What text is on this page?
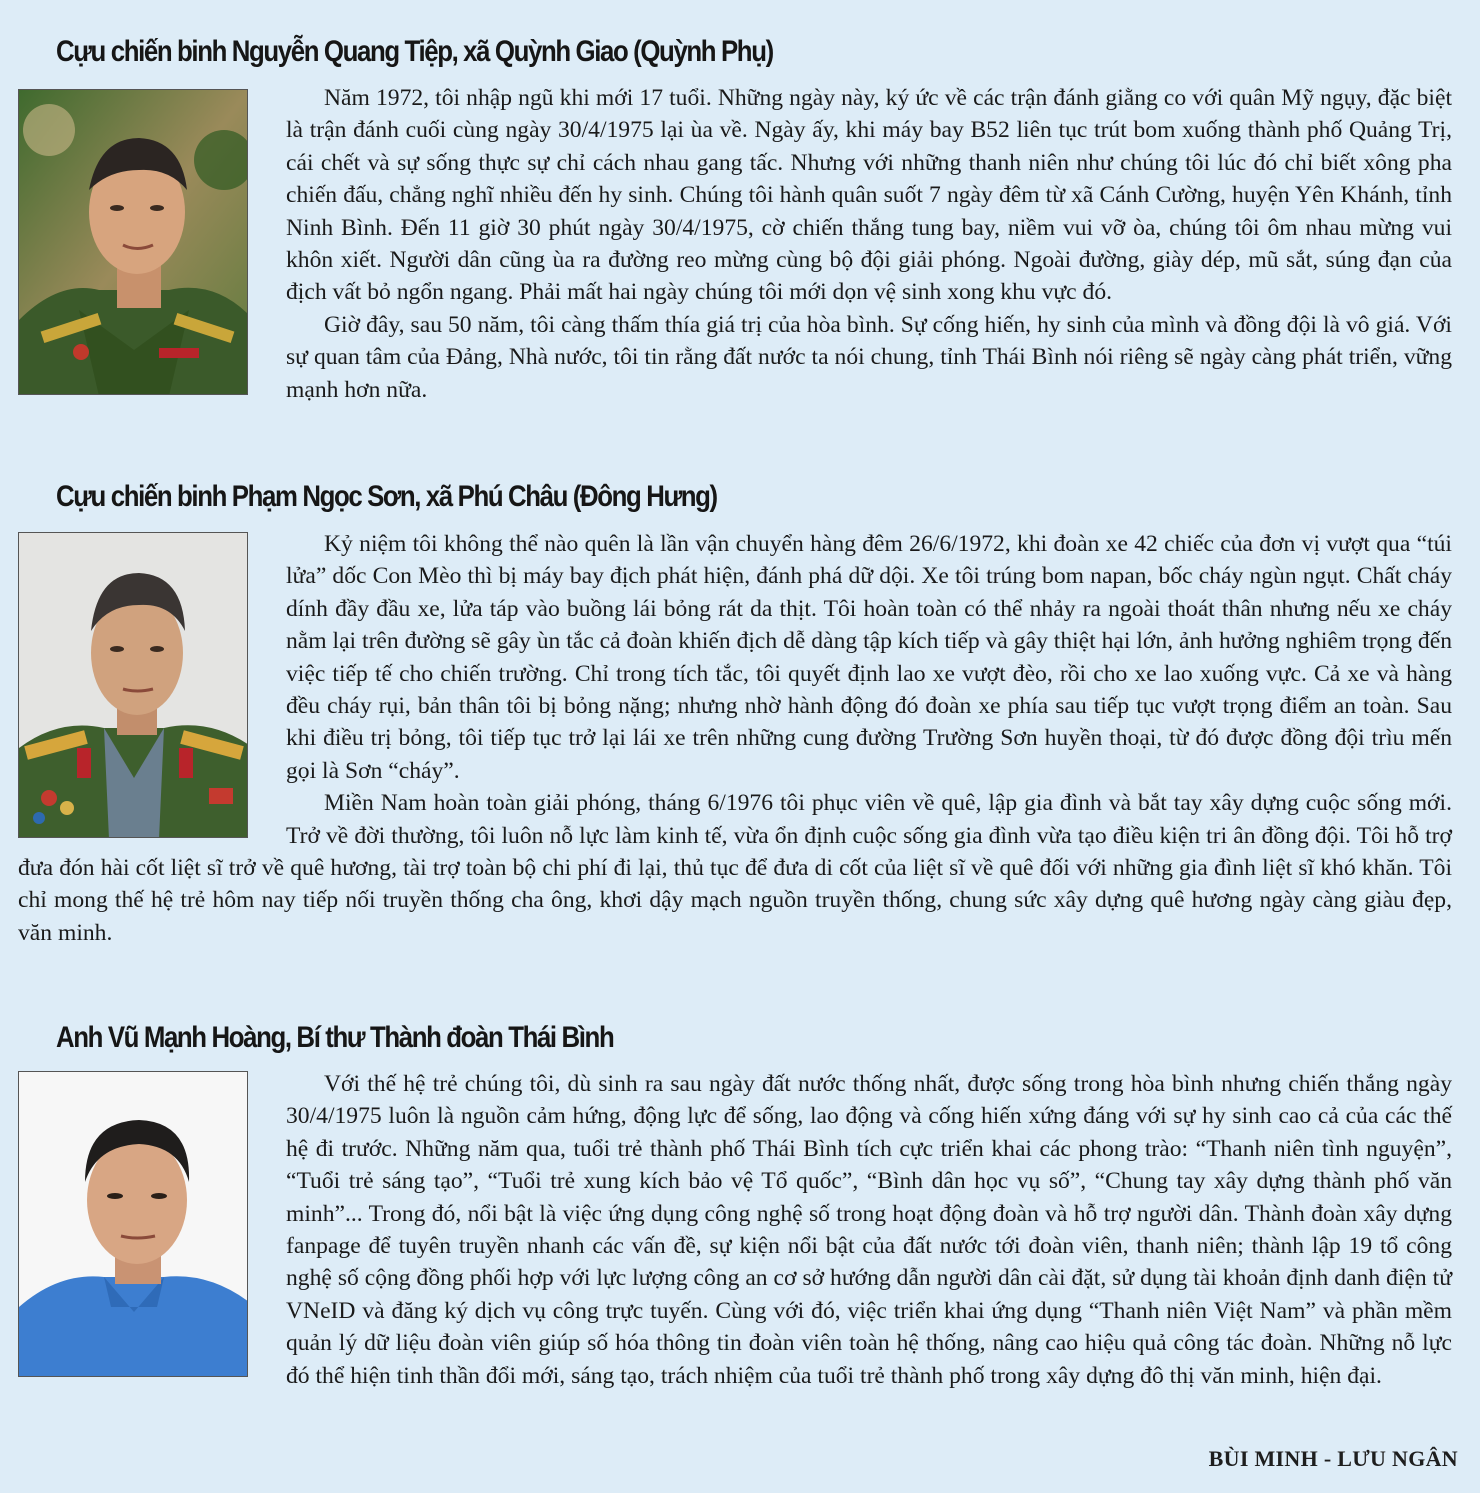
Cựu chiến binh Nguyễn Quang Tiệp, xã Quỳnh Giao (Quỳnh Phụ)

Năm 1972, tôi nhập ngũ khi mới 17 tuổi. Những ngày này, ký ức về các trận đánh giằng co với quân Mỹ ngụy, đặc biệt là trận đánh cuối cùng ngày 30/4/1975 lại ùa về. Ngày ấy, khi máy bay B52 liên tục trút bom xuống thành phố Quảng Trị, cái chết và sự sống thực sự chỉ cách nhau gang tấc. Nhưng với những thanh niên như chúng tôi lúc đó chỉ biết xông pha chiến đấu, chẳng nghĩ nhiều đến hy sinh. Chúng tôi hành quân suốt 7 ngày đêm từ xã Cánh Cường, huyện Yên Khánh, tỉnh Ninh Bình. Đến 11 giờ 30 phút ngày 30/4/1975, cờ chiến thắng tung bay, niềm vui vỡ òa, chúng tôi ôm nhau mừng vui khôn xiết. Người dân cũng ùa ra đường reo mừng cùng bộ đội giải phóng. Ngoài đường, giày dép, mũ sắt, súng đạn của địch vất bỏ ngổn ngang. Phải mất hai ngày chúng tôi mới dọn vệ sinh xong khu vực đó.

Giờ đây, sau 50 năm, tôi càng thấm thía giá trị của hòa bình. Sự cống hiến, hy sinh của mình và đồng đội là vô giá. Với sự quan tâm của Đảng, Nhà nước, tôi tin rằng đất nước ta nói chung, tỉnh Thái Bình nói riêng sẽ ngày càng phát triển, vững mạnh hơn nữa.

Cựu chiến binh Phạm Ngọc Sơn, xã Phú Châu (Đông Hưng)

Kỷ niệm tôi không thể nào quên là lần vận chuyển hàng đêm 26/6/1972, khi đoàn xe 42 chiếc của đơn vị vượt qua “túi lửa” dốc Con Mèo thì bị máy bay địch phát hiện, đánh phá dữ dội. Xe tôi trúng bom napan, bốc cháy ngùn ngụt. Chất cháy dính đầy đầu xe, lửa táp vào buồng lái bỏng rát da thịt. Tôi hoàn toàn có thể nhảy ra ngoài thoát thân nhưng nếu xe cháy nằm lại trên đường sẽ gây ùn tắc cả đoàn khiến địch dễ dàng tập kích tiếp và gây thiệt hại lớn, ảnh hưởng nghiêm trọng đến việc tiếp tế cho chiến trường. Chỉ trong tích tắc, tôi quyết định lao xe vượt đèo, rồi cho xe lao xuống vực. Cả xe và hàng đều cháy rụi, bản thân tôi bị bỏng nặng; nhưng nhờ hành động đó đoàn xe phía sau tiếp tục vượt trọng điểm an toàn. Sau khi điều trị bỏng, tôi tiếp tục trở lại lái xe trên những cung đường Trường Sơn huyền thoại, từ đó được đồng đội trìu mến gọi là Sơn “cháy”.

Miền Nam hoàn toàn giải phóng, tháng 6/1976 tôi phục viên về quê, lập gia đình và bắt tay xây dựng cuộc sống mới. Trở về đời thường, tôi luôn nỗ lực làm kinh tế, vừa ổn định cuộc sống gia đình vừa tạo điều kiện tri ân đồng đội. Tôi hỗ trợ đưa đón hài cốt liệt sĩ trở về quê hương, tài trợ toàn bộ chi phí đi lại, thủ tục để đưa di cốt của liệt sĩ về quê đối với những gia đình liệt sĩ khó khăn. Tôi chỉ mong thế hệ trẻ hôm nay tiếp nối truyền thống cha ông, khơi dậy mạch nguồn truyền thống, chung sức xây dựng quê hương ngày càng giàu đẹp, văn minh.

Anh Vũ Mạnh Hoàng, Bí thư Thành đoàn Thái Bình

Với thế hệ trẻ chúng tôi, dù sinh ra sau ngày đất nước thống nhất, được sống trong hòa bình nhưng chiến thắng ngày 30/4/1975 luôn là nguồn cảm hứng, động lực để sống, lao động và cống hiến xứng đáng với sự hy sinh cao cả của các thế hệ đi trước. Những năm qua, tuổi trẻ thành phố Thái Bình tích cực triển khai các phong trào: “Thanh niên tình nguyện”, “Tuổi trẻ sáng tạo”, “Tuổi trẻ xung kích bảo vệ Tổ quốc”, “Bình dân học vụ số”, “Chung tay xây dựng thành phố văn minh”... Trong đó, nổi bật là việc ứng dụng công nghệ số trong hoạt động đoàn và hỗ trợ người dân. Thành đoàn xây dựng fanpage để tuyên truyền nhanh các vấn đề, sự kiện nổi bật của đất nước tới đoàn viên, thanh niên; thành lập 19 tổ công nghệ số cộng đồng phối hợp với lực lượng công an cơ sở hướng dẫn người dân cài đặt, sử dụng tài khoản định danh điện tử VNeID và đăng ký dịch vụ công trực tuyến. Cùng với đó, việc triển khai ứng dụng “Thanh niên Việt Nam” và phần mềm quản lý dữ liệu đoàn viên giúp số hóa thông tin đoàn viên toàn hệ thống, nâng cao hiệu quả công tác đoàn. Những nỗ lực đó thể hiện tinh thần đổi mới, sáng tạo, trách nhiệm của tuổi trẻ thành phố trong xây dựng đô thị văn minh, hiện đại.

BÙI MINH - LƯU NGÂN
